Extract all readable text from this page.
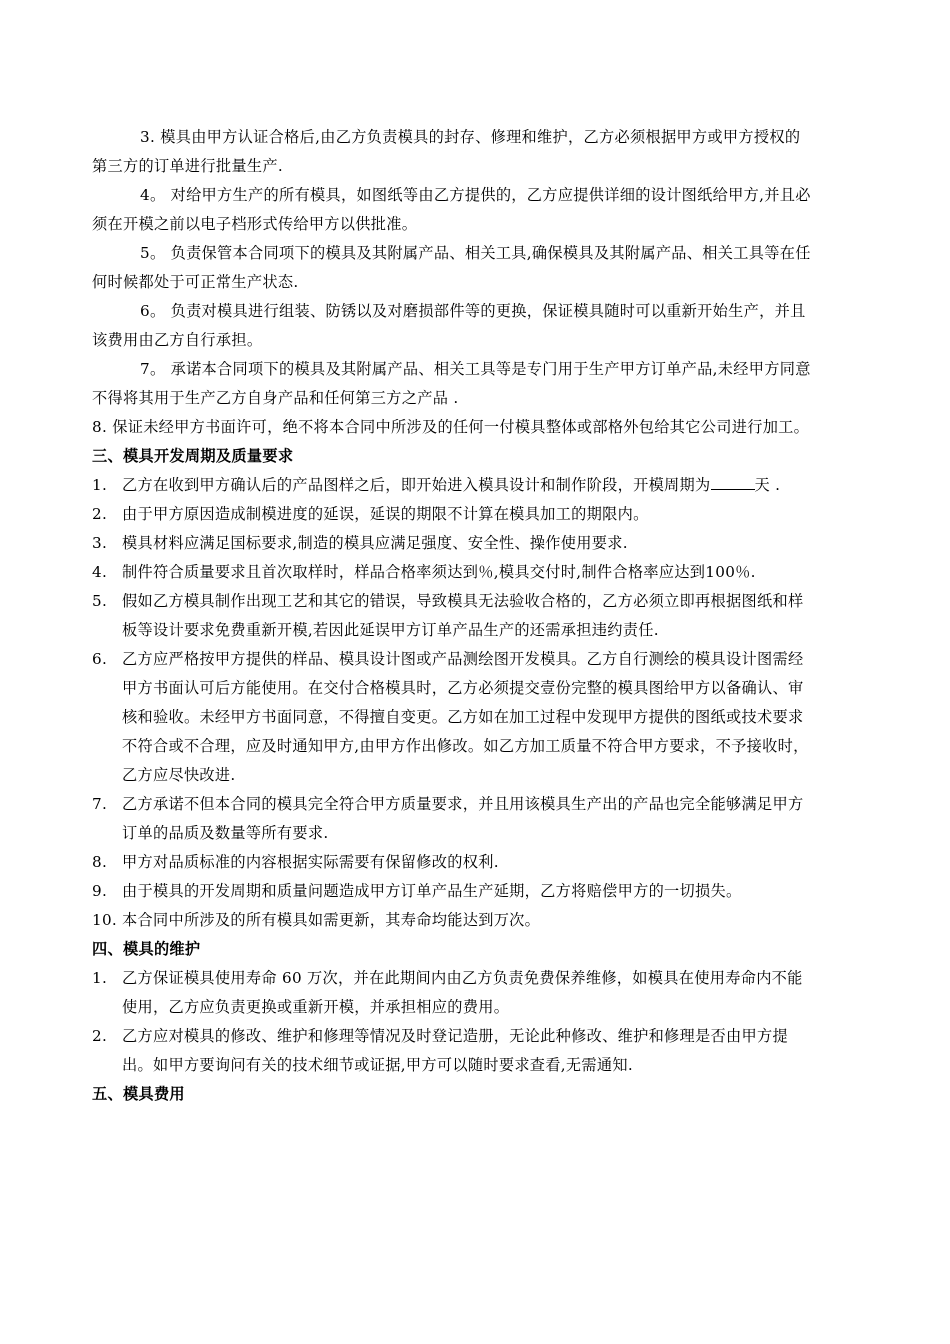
3. 模具由甲方认证合格后,由乙方负责模具的封存、修理和维护，乙方必须根据甲方或甲方授权的第三方的订单进行批量生产.

4。 对给甲方生产的所有模具，如图纸等由乙方提供的，乙方应提供详细的设计图纸给甲方,并且必须在开模之前以电子档形式传给甲方以供批准。

5。 负责保管本合同项下的模具及其附属产品、相关工具,确保模具及其附属产品、相关工具等在任何时候都处于可正常生产状态.

6。 负责对模具进行组装、防锈以及对磨损部件等的更换，保证模具随时可以重新开始生产，并且该费用由乙方自行承担。

7。 承诺本合同项下的模具及其附属产品、相关工具等是专门用于生产甲方订单产品,未经甲方同意不得将其用于生产乙方自身产品和任何第三方之产品 .

8. 保证未经甲方书面许可，绝不将本合同中所涉及的任何一付模具整体或部格外包给其它公司进行加工。

三、模具开发周期及质量要求

1. 乙方在收到甲方确认后的产品图样之后，即开始进入模具设计和制作阶段，开模周期为	天 .
2. 由于甲方原因造成制模进度的延误，延误的期限不计算在模具加工的期限内。
3. 模具材料应满足国标要求,制造的模具应满足强度、安全性、操作使用要求.
4. 制件符合质量要求且首次取样时，样品合格率须达到％,模具交付时,制件合格率应达到100％.
5. 假如乙方模具制作出现工艺和其它的错误，导致模具无法验收合格的，乙方必须立即再根据图纸和样板等设计要求免费重新开模,若因此延误甲方订单产品生产的还需承担违约责任.
6. 乙方应严格按甲方提供的样品、模具设计图或产品测绘图开发模具。乙方自行测绘的模具设计图需经甲方书面认可后方能使用。在交付合格模具时，乙方必须提交壹份完整的模具图给甲方以备确认、审核和验收。未经甲方书面同意，不得擅自变更。乙方如在加工过程中发现甲方提供的图纸或技术要求不符合或不合理，应及时通知甲方,由甲方作出修改。如乙方加工质量不符合甲方要求，不予接收时，乙方应尽快改进.
7. 乙方承诺不但本合同的模具完全符合甲方质量要求，并且用该模具生产出的产品也完全能够满足甲方订单的品质及数量等所有要求.
8. 甲方对品质标准的内容根据实际需要有保留修改的权利.
9. 由于模具的开发周期和质量问题造成甲方订单产品生产延期，乙方将赔偿甲方的一切损失。
10. 本合同中所涉及的所有模具如需更新，其寿命均能达到万次。

四、模具的维护

1. 乙方保证模具使用寿命 60 万次，并在此期间内由乙方负责免费保养维修，如模具在使用寿命内不能使用，乙方应负责更换或重新开模，并承担相应的费用。
2. 乙方应对模具的修改、维护和修理等情况及时登记造册，无论此种修改、维护和修理是否由甲方提出。如甲方要询问有关的技术细节或证据,甲方可以随时要求查看,无需通知.

五、模具费用
